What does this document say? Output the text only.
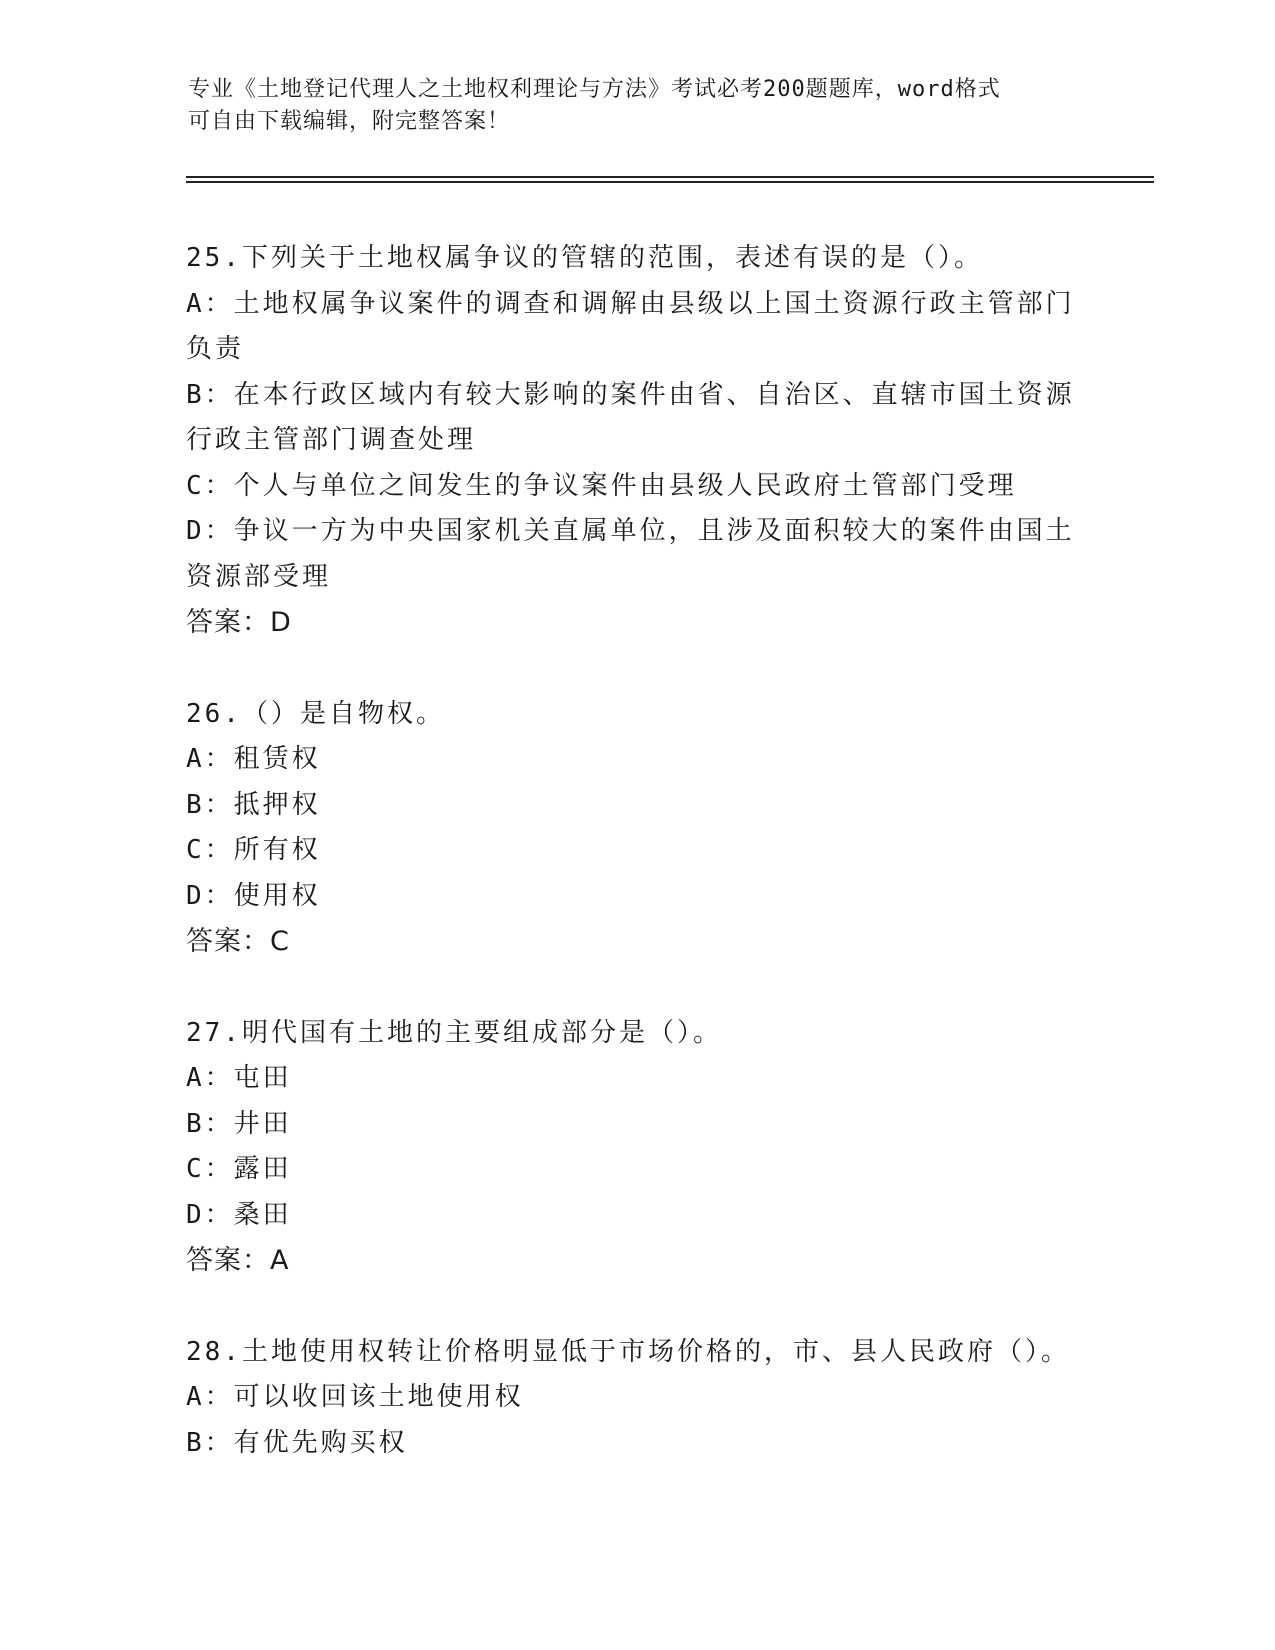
专业《土地登记代理人之土地权利理论与方法》考试必考200题题库，word格式
可自由下载编辑，附完整答案！
25.下列关于土地权属争议的管辖的范围，表述有误的是（）。
A：土地权属争议案件的调查和调解由县级以上国土资源行政主管部门负责
B：在本行政区域内有较大影响的案件由省、自治区、直辖市国土资源行政主管部门调查处理
C：个人与单位之间发生的争议案件由县级人民政府土管部门受理
D：争议一方为中央国家机关直属单位，且涉及面积较大的案件由国土资源部受理
答案：D
26.（）是自物权。
A：租赁权
B：抵押权
C：所有权
D：使用权
答案：C
27.明代国有土地的主要组成部分是（）。
A：屯田
B：井田
C：露田
D：桑田
答案：A
28.土地使用权转让价格明显低于市场价格的，市、县人民政府（）。
A：可以收回该土地使用权
B：有优先购买权
